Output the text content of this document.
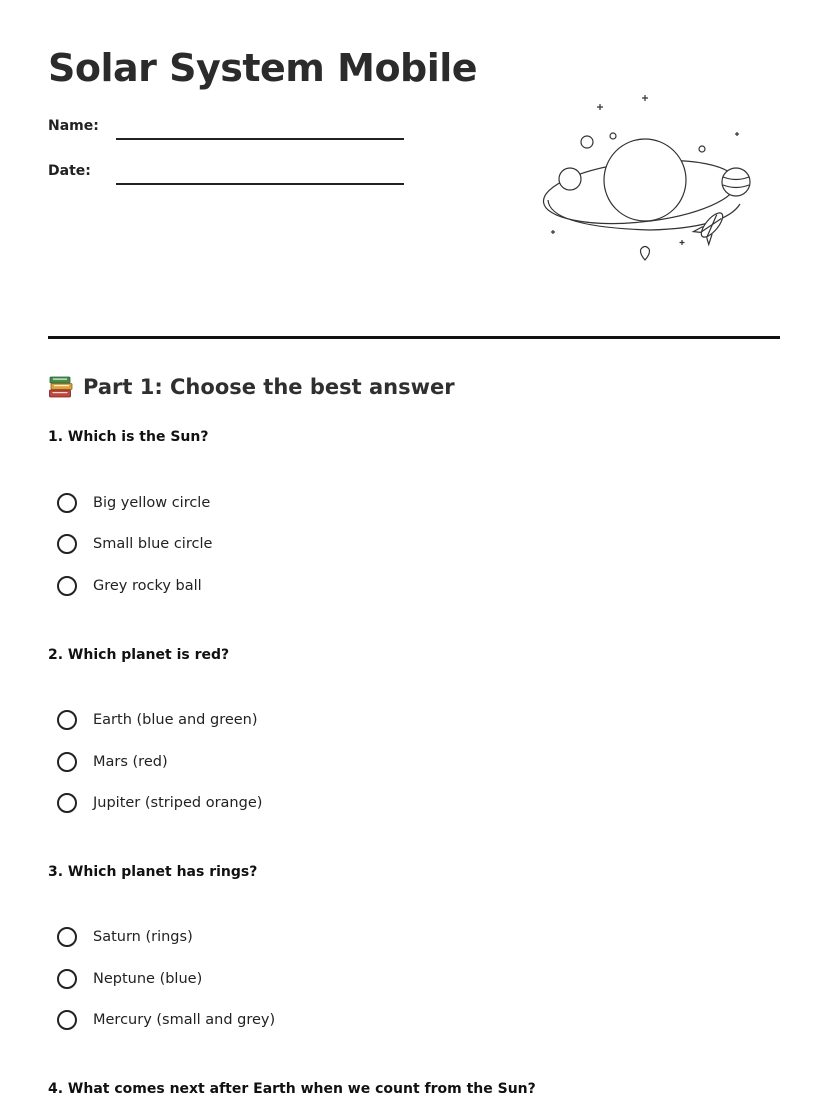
Solar System Mobile
Name:
Date:
Part 1: Choose the best answer

1. Which is the Sun?

Big yellow circle
Small blue circle
Grey rocky ball

2. Which planet is red?

Earth (blue and green)
Mars (red)
Jupiter (striped orange)

3. Which planet has rings?

Saturn (rings)
Neptune (blue)
Mercury (small and grey)

4. What comes next after Earth when we count from the Sun?
